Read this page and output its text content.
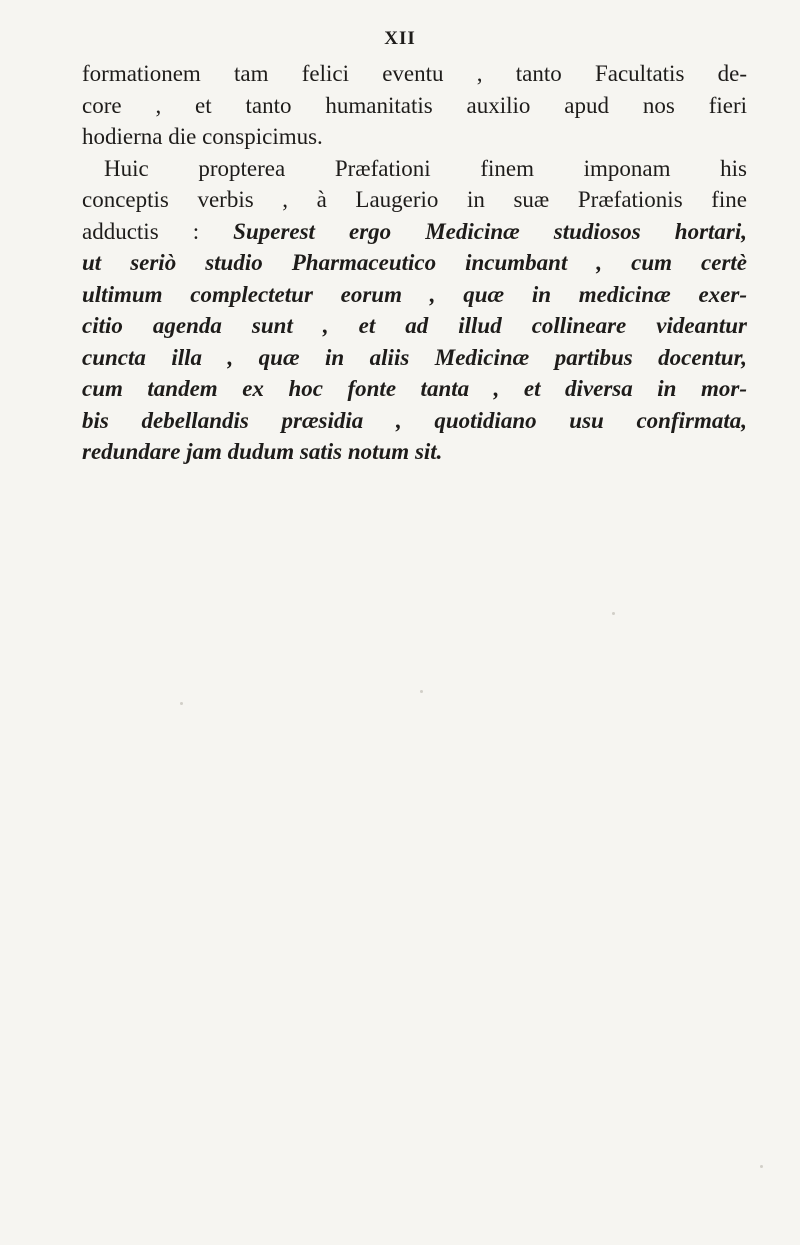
XII
formationem tam felici eventu , tanto Facultatis de-
core , et tanto humanitatis auxilio apud nos fieri
hodierna die conspicimus.
Huic propterea Præfationi finem imponam his
conceptis verbis , à Laugerio in suæ Præfationis fine
adductis : Superest ergo Medicinæ studiosos hortari,
ut seriò studio Pharmaceutico incumbant , cum certè
ultimum complectetur eorum , quæ in medicinæ exer-
citio agenda sunt , et ad illud collineare videantur
cuncta illa , quæ in aliis Medicinæ partibus docentur,
cum tandem ex hoc fonte tanta , et diversa in mor-
bis debellandis præsidia , quotidiano usu confirmata,
redundare jam dudum satis notum sit.
